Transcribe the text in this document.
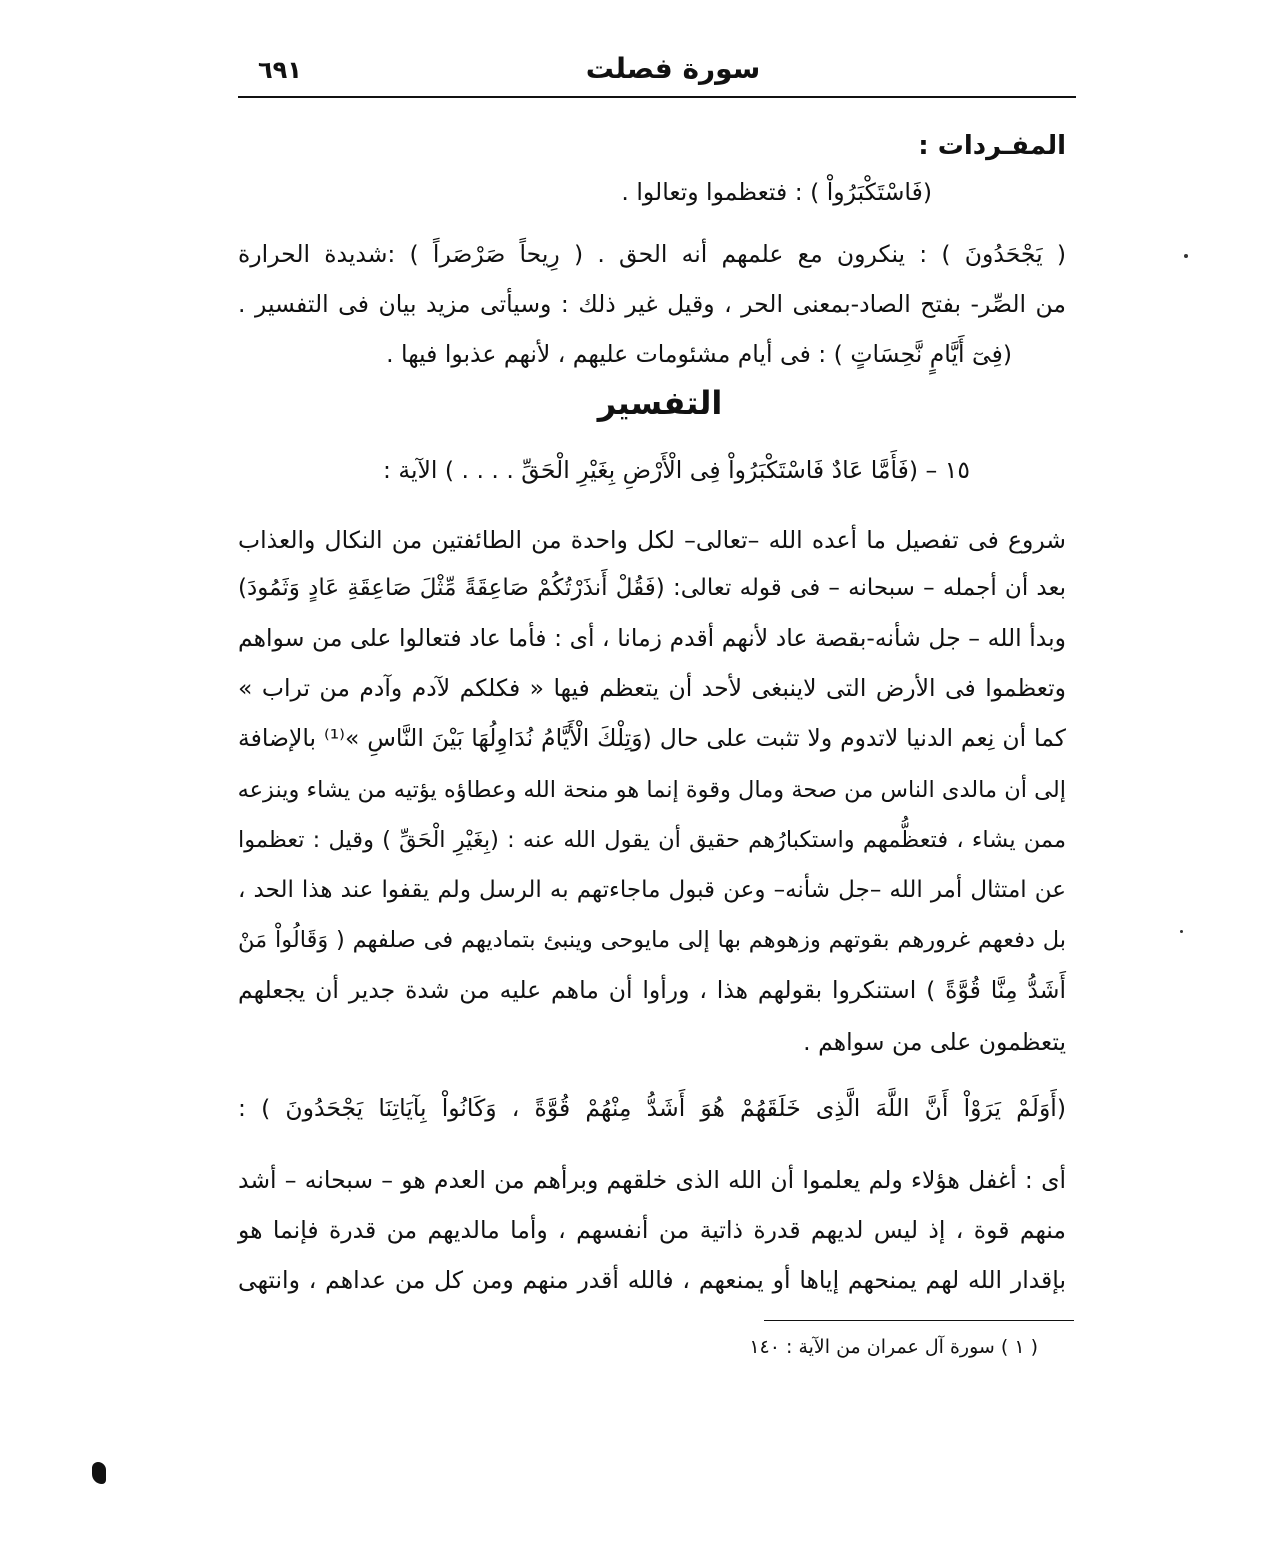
٦٩١	سورة فصلت
المفـردات :
(فَاسْتَكْبَرُواْ ) : فتعظموا وتعالوا .
( يَجْحَدُونَ ) : ينكرون مع علمهم أنه الحق . ( رِيحاً صَرْصَراً ) :شديدة الحرارة
من الصِّر- بفتح الصاد-بمعنى الحر ، وقيل غير ذلك : وسيأتى مزيد بيان فى التفسير .
(فِىٓ أَيَّامٍ نَّحِسَاتٍ ) : فى أيام مشئومات عليهم ، لأنهم عذبوا فيها .
التفسير
١٥ – (فَأَمَّا عَادٌ فَاسْتَكْبَرُواْ فِى الْأَرْضِ بِغَيْرِ الْحَقِّ . . . . ) الآية :
شروع فى تفصيل ما أعده الله –تعالى– لكل واحدة من الطائفتين من النكال والعذاب
بعد أن أجمله – سبحانه – فى قوله تعالى: (فَقُلْ أَنذَرْتُكُمْ صَاعِقَةً مِّثْلَ صَاعِقَةِ عَادٍ وَثَمُودَ)
وبدأ الله – جل شأنه-بقصة عاد لأنهم أقدم زمانا ، أى : فأما عاد فتعالوا على من سواهم
وتعظموا فى الأرض التى لاينبغى لأحد أن يتعظم فيها « فكلكم لآدم وآدم من تراب »
كما أن نِعم الدنيا لاتدوم ولا تثبت على حال (وَتِلْكَ الْأَيَّامُ نُدَاوِلُهَا بَيْنَ النَّاسِ »⁽¹⁾ بالإضافة
إلى أن مالدى الناس من صحة ومال وقوة إنما هو منحة الله وعطاؤه يؤتيه من يشاء وينزعه
ممن يشاء ، فتعظُّمهم واستكبارُهم حقيق أن يقول الله عنه : (بِغَيْرِ الْحَقِّ ) وقيل : تعظموا
عن امتثال أمر الله –جل شأنه– وعن قبول ماجاءتهم به الرسل ولم يقفوا عند هذا الحد ،
بل دفعهم غرورهم بقوتهم وزهوهم بها إلى مايوحى وينبئ بتماديهم فى صلفهم ( وَقَالُواْ مَنْ
أَشَدُّ مِنَّا قُوَّةً ) استنكروا بقولهم هذا ، ورأوا أن ماهم عليه من شدة جدير أن يجعلهم
يتعظمون على من سواهم .
(أَوَلَمْ يَرَوْاْ أَنَّ اللَّهَ الَّذِى خَلَقَهُمْ هُوَ أَشَدُّ مِنْهُمْ قُوَّةً ، وَكَانُواْ بِآيَاتِنَا يَجْحَدُونَ ) :
أى : أغفل هؤلاء ولم يعلموا أن الله الذى خلقهم وبرأهم من العدم هو – سبحانه – أشد
منهم قوة ، إذ ليس لديهم قدرة ذاتية من أنفسهم ، وأما مالديهم من قدرة فإنما هو
بإقدار الله لهم يمنحهم إياها أو يمنعهم ، فالله أقدر منهم ومن كل من عداهم ، وانتهى
( ١ ) سورة آل عمران من الآية : ١٤٠
